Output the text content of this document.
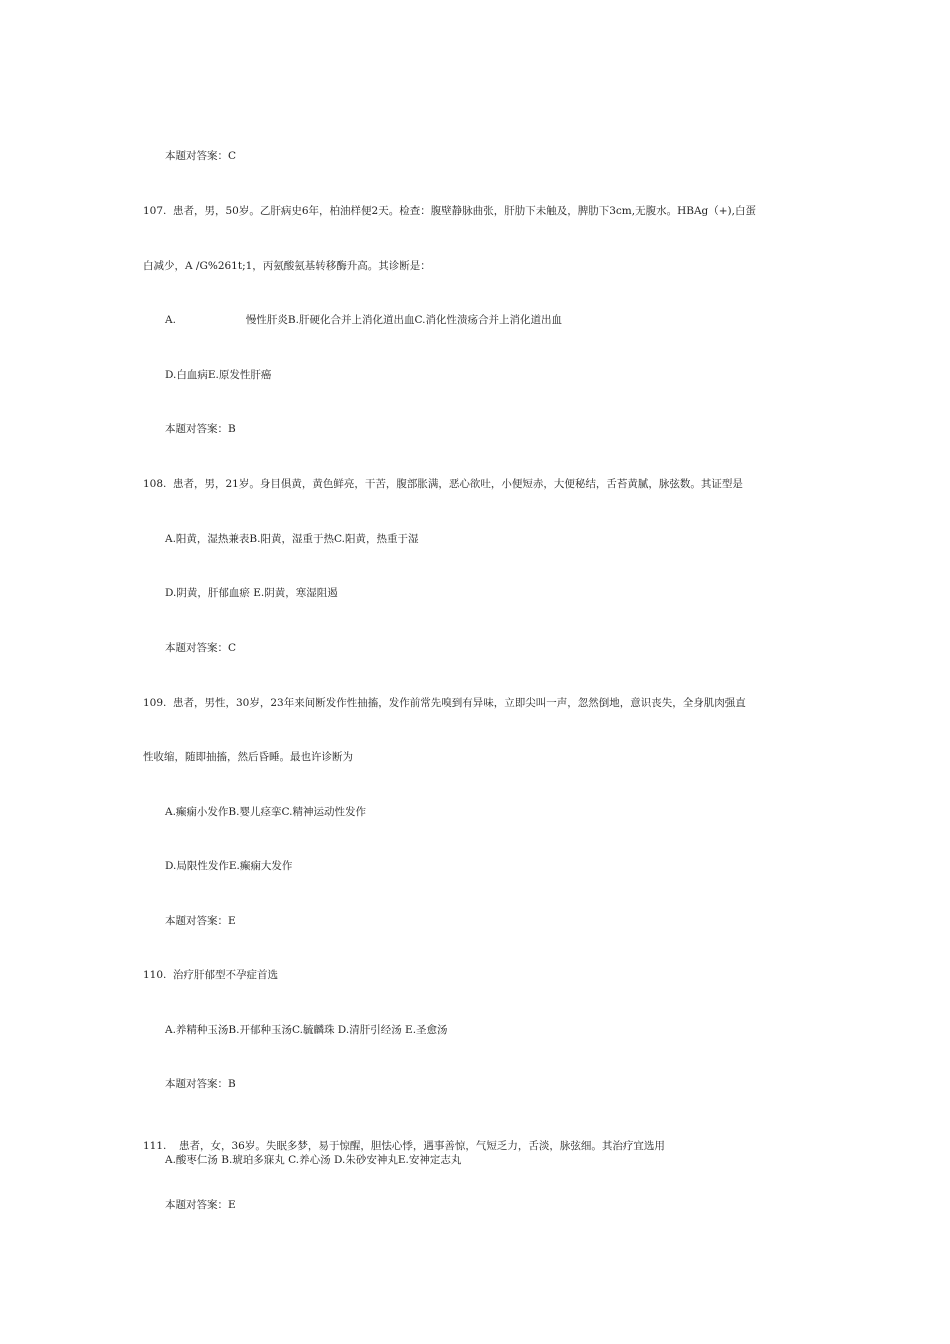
本题对答案：C
107. 患者，男，50岁。乙肝病史6年，柏油样便2天。检查：腹壁静脉曲张，肝肋下未触及，脾肋下3cm,无腹水。HBAg（+),白蛋
白减少，A /G%261t;1，丙氨酸氨基转移酶升高。其诊断是：
A.	慢性肝炎B.肝硬化合并上消化道出血C.消化性溃疡合并上消化道出血
D.白血病E.原发性肝癌
本题对答案：B
108. 患者，男，21岁。身目俱黄，黄色鲜亮，干苦，腹部胀满，恶心欲吐，小便短赤，大便秘结，舌苔黄腻，脉弦数。其证型是
A.阳黄，湿热兼表B.阳黄，湿重于热C.阳黄，热重于湿
D.阴黄，肝郁血瘀 E.阴黄，寒湿阻遏
本题对答案：C
109. 患者，男性，30岁，23年来间断发作性抽搐，发作前常先嗅到有异味，立即尖叫一声，忽然倒地，意识丧失，全身肌肉强直
性收缩，随即抽搐，然后昏睡。最也许诊断为
A.癫痫小发作B.婴儿痉挛C.精神运动性发作
D.局限性发作E.癫痫大发作
本题对答案：E
110. 治疗肝郁型不孕症首选
A.养精种玉汤B.开郁种玉汤C.毓麟珠 D.清肝引经汤 E.圣愈汤
本题对答案：B
111. 患者，女，36岁。失眠多梦，易于惊醒，胆怯心悸，遇事善惊，气短乏力，舌淡，脉弦细。其治疗宜选用
A.酸枣仁汤 B.琥珀多寐丸 C.养心汤 D.朱砂安神丸E.安神定志丸
本题对答案：E
